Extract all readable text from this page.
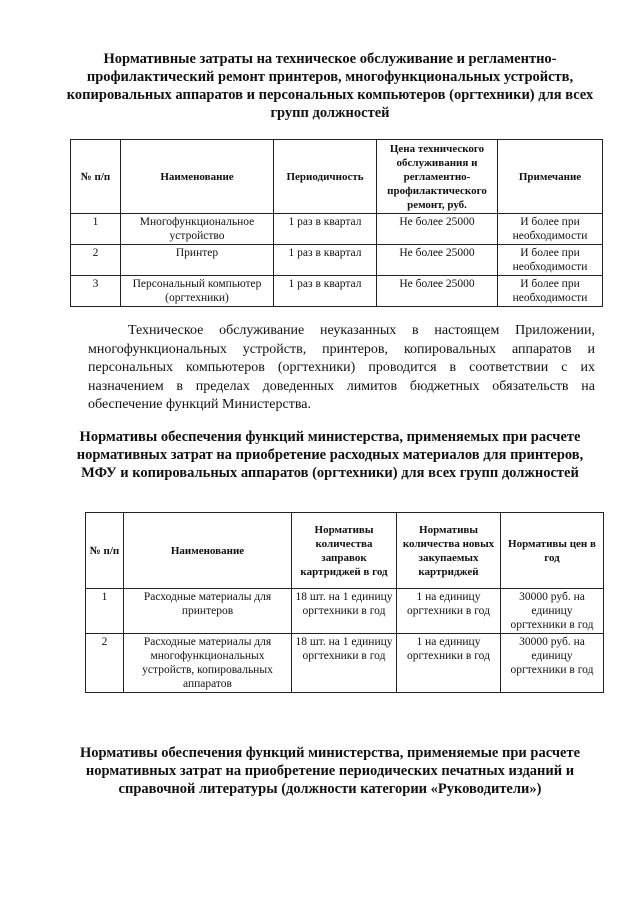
Нормативные затраты на техническое обслуживание и регламентно-профилактический ремонт принтеров, многофункциональных устройств, копировальных аппаратов и персональных компьютеров (оргтехники) для всех групп должностей

№ п/п	Наименование	Периодичность	Цена технического обслуживания и регламентно-профилактического ремонт, руб.	Примечание
1	Многофункциональное устройство	1 раз в квартал	Не более 25000	И более при необходимости
2	Принтер	1 раз в квартал	Не более 25000	И более при необходимости
3	Персональный компьютер (оргтехники)	1 раз в квартал	Не более 25000	И более при необходимости

Техническое обслуживание неуказанных в настоящем Приложении, многофункциональных устройств, принтеров, копировальных аппаратов и персональных компьютеров (оргтехники) проводится в соответствии с их назначением в пределах доведенных лимитов бюджетных обязательств на обеспечение функций Министерства.

Нормативы обеспечения функций министерства, применяемых при расчете нормативных затрат на приобретение расходных материалов для принтеров, МФУ и копировальных аппаратов (оргтехники) для всех групп должностей

№ п/п	Наименование	Нормативы количества заправок картриджей в год	Нормативы количества новых закупаемых картриджей	Нормативы цен в год
1	Расходные материалы для принтеров	18 шт. на 1 единицу оргтехники в год	1 на единицу оргтехники в год	30000 руб. на единицу оргтехники в год
2	Расходные материалы для многофункциональных устройств, копировальных аппаратов	18 шт. на 1 единицу оргтехники в год	1 на единицу оргтехники в год	30000 руб. на единицу оргтехники в год

Нормативы обеспечения функций министерства, применяемые при расчете нормативных затрат на приобретение периодических печатных изданий и справочной литературы (должности категории «Руководители»)
